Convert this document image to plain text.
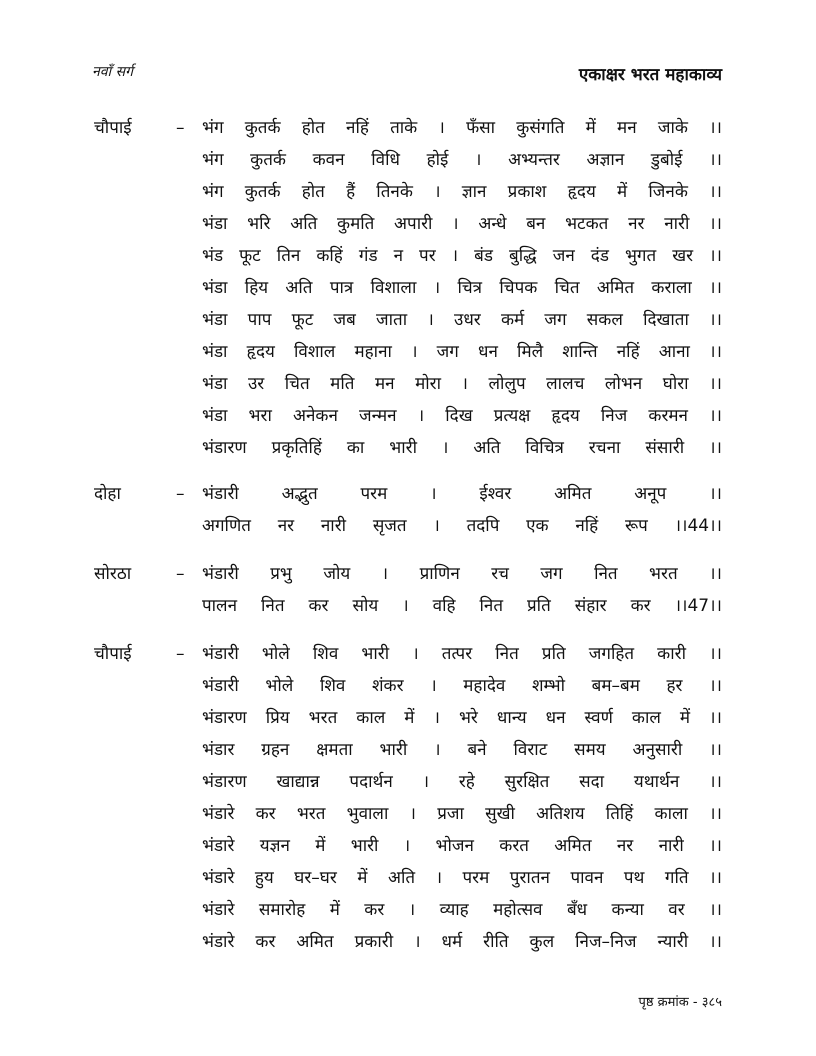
नवाँ सर्ग	एकाक्षर भरत महाकाव्य
चौपाई	– भंग कुतर्क होत नहिं ताके । फँसा कुसंगति में मन जाके ।।
भंग कुतर्क कवन विधि होई । अभ्यन्तर अज्ञान डुबोई ।।
भंग कुतर्क होत हैं तिनके । ज्ञान प्रकाश हृदय में जिनके ।।
भंडा भरि अति कुमति अपारी । अन्धे बन भटकत नर नारी ।।
भंड फूट तिन कहिं गंड न पर । बंड बुद्धि जन दंड भुगत खर ।।
भंडा हिय अति पात्र विशाला । चित्र चिपक चित अमित कराला ।।
भंडा पाप फूट जब जाता । उधर कर्म जग सकल दिखाता ।।
भंडा हृदय विशाल महाना । जग धन मिलै शान्ति नहिं आना ।।
भंडा उर चित मति मन मोरा । लोलुप लालच लोभन घोरा ।।
भंडा भरा अनेकन जन्मन । दिख प्रत्यक्ष हृदय निज करमन ।।
भंडारण प्रकृतिहिं का भारी । अति विचित्र रचना संसारी ।।
दोहा	– भंडारी अद्भुत परम । ईश्वर अमित अनूप ।।
अगणित नर नारी सृजत । तदपि एक नहिं रूप ।।44।।
सोरठा	– भंडारी प्रभु जोय । प्राणिन रच जग नित भरत ।।
पालन नित कर सोय । वहि नित प्रति संहार कर ।।47।।
चौपाई	– भंडारी भोले शिव भारी । तत्पर नित प्रति जगहित कारी ।।
भंडारी भोले शिव शंकर । महादेव शम्भो बम–बम हर ।।
भंडारण प्रिय भरत काल में । भरे धान्य धन स्वर्ण काल में ।।
भंडार ग्रहन क्षमता भारी । बने विराट समय अनुसारी ।।
भंडारण खाद्यान्न पदार्थन । रहे सुरक्षित सदा यथार्थन ।।
भंडारे कर भरत भुवाला । प्रजा सुखी अतिशय तिहिं काला ।।
भंडारे यज्ञन में भारी । भोजन करत अमित नर नारी ।।
भंडारे हुय घर–घर में अति । परम पुरातन पावन पथ गति ।।
भंडारे समारोह में कर । व्याह महोत्सव बँध कन्या वर ।।
भंडारे कर अमित प्रकारी । धर्म रीति कुल निज–निज न्यारी ।।
पृष्ठ क्रमांक - ३८५
